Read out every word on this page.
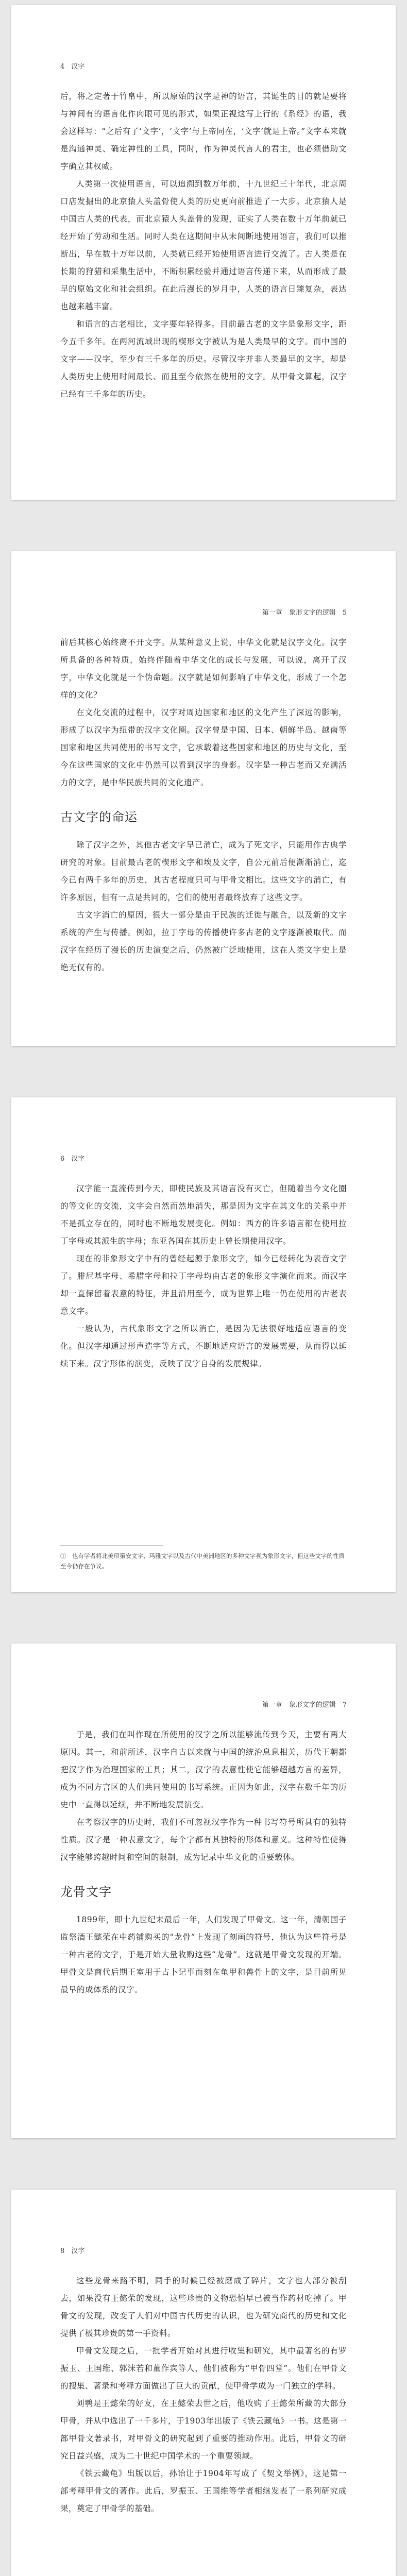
4　汉字

后，将之定著于竹帛中，所以原始的汉字是神的语言，其诞生的目的就是要将与神间有的语言化作肉眼可见的形式，如果正视这写上行的《系经》的语，我会这样写：“之后有了‘文字’，‘文字’与上帝同在，‘文字’就是上帝。”文字本来就是沟通神灵、确定神性的工具，同时，作为神灵代言人的君主，也必须借助文字确立其权威。

人类第一次使用语言，可以追溯到数万年前，十九世纪三十年代，北京周口店发掘出的北京猿人头盖骨使人类的历史更向前推进了一大步。北京猿人是中国古人类的代表，而北京猿人头盖骨的发现，证实了人类在数十万年前就已经开始了劳动和生活。同时人类在这期间中从未间断地使用语言，我们可以推断出，早在数十万年以前，人类就已经开始使用语言进行交流了。古人类是在长期的狩猎和采集生活中，不断积累经验并通过语言传递下来，从而形成了最早的原始文化和社会组织。在此后漫长的岁月中，人类的语言日臻复杂，表达也越来越丰富。

和语言的古老相比，文字要年轻得多。目前最古老的文字是象形文字，距今五千多年。在两河流域出现的楔形文字被认为是人类最早的文字。而中国的文字——汉字，至少有三千多年的历史。尽管汉字并非人类最早的文字，却是人类历史上使用时间最长、而且至今依然在使用的文字。从甲骨文算起，汉字已经有三千多年的历史。

第一章　象形文字的逻辑　5

前后其核心始终离不开文字。从某种意义上说，中华文化就是汉字文化。汉字所具备的各种特质，始终伴随着中华文化的成长与发展，可以说，离开了汉字，中华文化就是一个伪命题。汉字就是如何影响了中华文化，形成了一个怎样的文化？

在文化交流的过程中，汉字对周边国家和地区的文化产生了深远的影响，形成了以汉字为纽带的汉字文化圈。汉字曾是中国、日本、朝鲜半岛、越南等国家和地区共同使用的书写文字，它承载着这些国家和地区的历史与文化，至今在这些国家的文化中仍然可以看到汉字的身影。汉字是一种古老而又充满活力的文字，是中华民族共同的文化遗产。

古文字的命运

除了汉字之外，其他古老文字早已消亡，成为了死文字，只能用作古典学研究的对象。目前最古老的楔形文字和埃及文字，自公元前后便渐渐消亡，迄今已有两千多年的历史，其古老程度只可与甲骨文相比。这些文字的消亡，有许多原因，但有一点是共同的，它们的使用者最终放弃了这些文字。

古文字消亡的原因，很大一部分是由于民族的迁徙与融合，以及新的文字系统的产生与传播。例如，拉丁字母的传播使许多古老的文字逐渐被取代。而汉字在经历了漫长的历史演变之后，仍然被广泛地使用，这在人类文字史上是绝无仅有的。

6　汉字

汉字能一直流传到今天，即使民族及其语言没有灭亡，但随着当今文化圈的等文化的交流，文字会自然而然地消失，那是因为文字在其文化的关系中并不是孤立存在的，同时也不断地发展变化。例如：西方的许多语言都在使用拉丁字母或其派生的字母；东亚各国在其历史上曾长期使用汉字。

现在的非象形文字中有的曾经起源于象形文字，如今已经转化为表音文字了。腓尼基字母、希腊字母和拉丁字母均由古老的象形文字演化而来。而汉字却一直保留着表意的特征，并且沿用至今，成为世界上唯一仍在使用的古老表意文字。

一般认为，古代象形文字之所以消亡，是因为无法很好地适应语言的变化。但汉字却通过形声造字等方式，不断地适应语言的发展需要，从而得以延续下来。汉字形体的演变，反映了汉字自身的发展规律。

①　也有学者将北美印第安文字、玛雅文字以及古代中美洲地区的多种文字视为象形文字，但这些文字的性质至今仍存在争议。
第一章　象形文字的逻辑　7

于是，我们在叫作现在所使用的汉字之所以能够流传到今天，主要有两大原因。其一，和前所述，汉字自古以来就与中国的统治息息相关，历代王朝都把汉字作为治理国家的工具；其二，汉字的表意性使它能够超越方言的差异，成为不同方言区的人们共同使用的书写系统。正因为如此，汉字在数千年的历史中一直得以延续，并不断地发展演变。

在考察汉字的历史时，我们不可忽视汉字作为一种书写符号所具有的独特性质。汉字是一种表意文字，每个字都有其独特的形体和意义。这种特性使得汉字能够跨越时间和空间的限制，成为记录中华文化的重要载体。

龙骨文字

1899年，即十九世纪末最后一年，人们发现了甲骨文。这一年，清朝国子监祭酒王懿荣在中药铺购买的“龙骨”上发现了刻画的符号，他认为这些符号是一种古老的文字，于是开始大量收购这些“龙骨”。这就是甲骨文发现的开端。甲骨文是商代后期王室用于占卜记事而刻在龟甲和兽骨上的文字，是目前所见最早的成体系的汉字。

8　汉字

这些龙骨来路不明，同手的时候已经被磨成了碎片，文字也大部分被刮去，如果没有王懿荣的发现，这些珍贵的文物恐怕早已被当作药材吃掉了。甲骨文的发现，改变了人们对中国古代历史的认识，也为研究商代的历史和文化提供了极其珍贵的第一手资料。

甲骨文发现之后，一批学者开始对其进行收集和研究，其中最著名的有罗振玉、王国维、郭沫若和董作宾等人，他们被称为“甲骨四堂”。他们在甲骨文的搜集、著录和考释方面做出了巨大的贡献，使甲骨学成为一门独立的学科。

刘鹗是王懿荣的好友，在王懿荣去世之后，他收购了王懿荣所藏的大部分甲骨，并从中选出了一千多片，于1903年出版了《铁云藏龟》一书。这是第一部甲骨文著录书，对甲骨文的研究起到了重要的推动作用。此后，甲骨文的研究日益兴盛，成为二十世纪中国学术的一个重要领域。

《铁云藏龟》出版以后，孙诒让于1904年写成了《契文举例》，这是第一部考释甲骨文的著作。此后，罗振玉、王国维等学者相继发表了一系列研究成果，奠定了甲骨学的基础。
